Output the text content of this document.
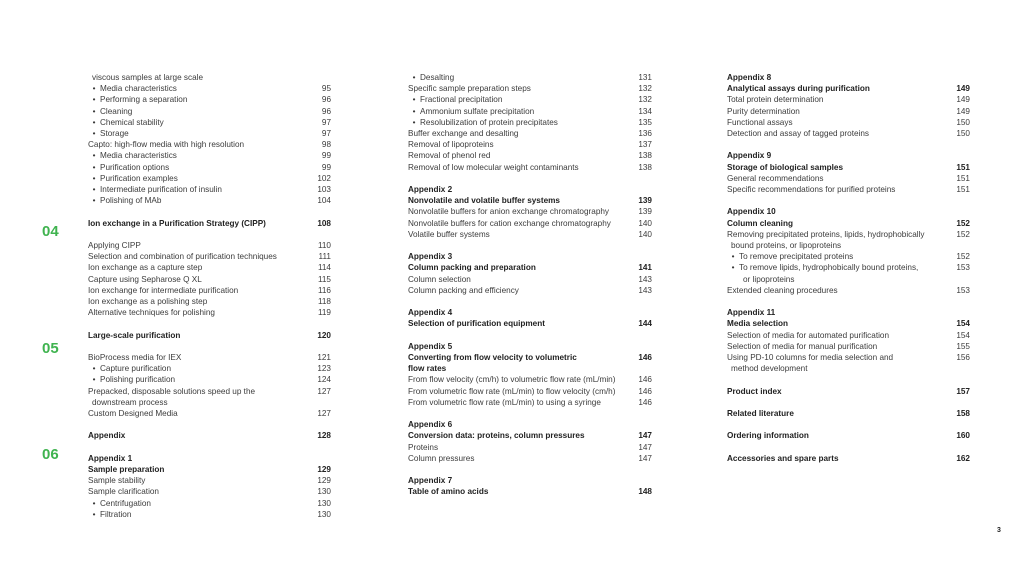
04
05
06
viscous samples at large scale
• Media characteristics	95
• Performing a separation	96
• Cleaning	96
• Chemical stability	97
• Storage	97
Capto: high-flow media with high resolution	98
• Media characteristics	99
• Purification options	99
• Purification examples	102
• Intermediate purification of insulin	103
• Polishing of MAb	104
Ion exchange in a Purification Strategy (CIPP)	108
Applying CIPP	110
Selection and combination of purification techniques	111
Ion exchange as a capture step	114
Capture using Sepharose Q XL	115
Ion exchange for intermediate purification	116
Ion exchange as a polishing step	118
Alternative techniques for polishing	119
Large-scale purification	120
BioProcess media for IEX	121
• Capture purification	123
• Polishing purification	124
Prepacked, disposable solutions speed up the	127
downstream process
Custom Designed Media	127
Appendix	128
Appendix 1
Sample preparation	129
Sample stability	129
Sample clarification	130
• Centrifugation	130
• Filtration	130
• Desalting	131
Specific sample preparation steps	132
• Fractional precipitation	132
• Ammonium sulfate precipitation	134
• Resolubilization of protein precipitates	135
Buffer exchange and desalting	136
Removal of lipoproteins	137
Removal of phenol red	138
Removal of low molecular weight contaminants	138
Appendix 2
Nonvolatile and volatile buffer systems	139
Nonvolatile buffers for anion exchange chromatography	139
Nonvolatile buffers for cation exchange chromatography	140
Volatile buffer systems	140
Appendix 3
Column packing and preparation	141
Column selection	143
Column packing and efficiency	143
Appendix 4
Selection of purification equipment	144
Appendix 5
Converting from flow velocity to volumetric	146
flow rates
From flow velocity (cm/h) to volumetric flow rate (mL/min)	146
From volumetric flow rate (mL/min) to flow velocity (cm/h)	146
From volumetric flow rate (mL/min) to using a syringe	146
Appendix 6
Conversion data: proteins, column pressures	147
Proteins	147
Column pressures	147
Appendix 7
Table of amino acids	148
Appendix 8
Analytical assays during purification	149
Total protein determination	149
Purity determination	149
Functional assays	150
Detection and assay of tagged proteins	150
Appendix 9
Storage of biological samples	151
General recommendations	151
Specific recommendations for purified proteins	151
Appendix 10
Column cleaning	152
Removing precipitated proteins, lipids, hydrophobically	152
bound proteins, or lipoproteins
• To remove precipitated proteins	152
• To remove lipids, hydrophobically bound proteins,	153
or lipoproteins
Extended cleaning procedures	153
Appendix 11
Media selection	154
Selection of media for automated purification	154
Selection of media for manual purification	155
Using PD-10 columns for media selection and	156
method development
Product index	157
Related literature	158
Ordering information	160
Accessories and spare parts	162
3
